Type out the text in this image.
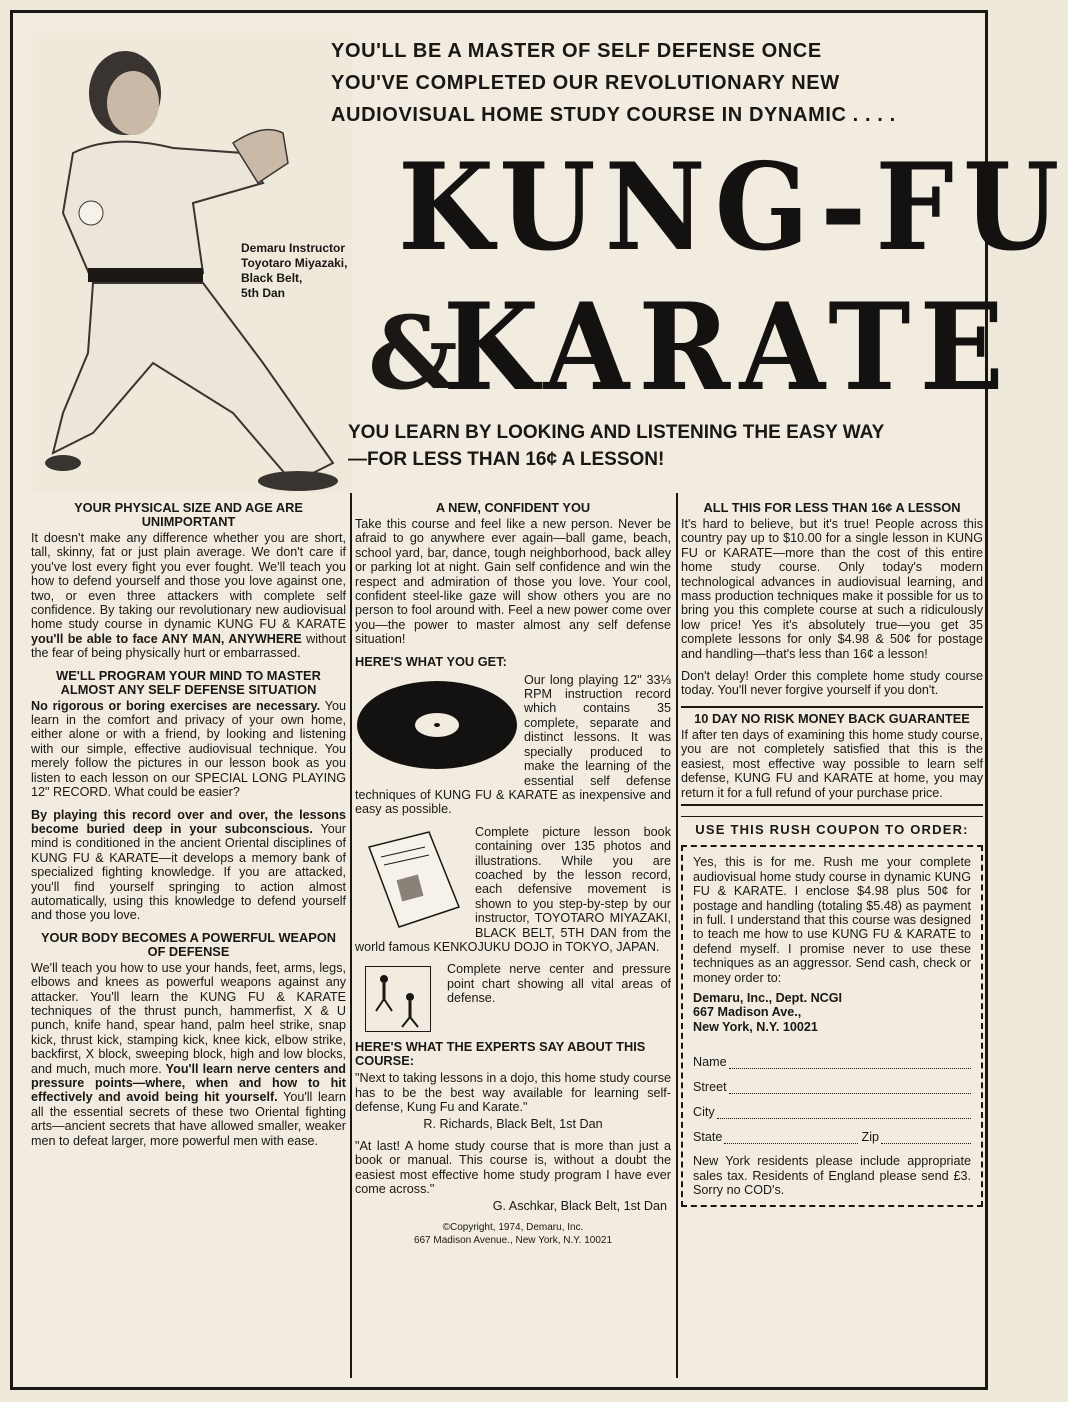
Demaru Instructor
Toyotaro Miyazaki,
Black Belt,
5th Dan
YOU'LL BE A MASTER OF SELF DEFENSE ONCE
YOU'VE COMPLETED OUR REVOLUTIONARY NEW
AUDIOVISUAL HOME STUDY COURSE IN DYNAMIC . . . .
KUNG-FU
&
KARATE
YOU LEARN BY LOOKING AND LISTENING THE EASY WAY
—FOR LESS THAN 16¢ A LESSON!
YOUR PHYSICAL SIZE AND AGE ARE UNIMPORTANT

It doesn't make any difference whether you are short, tall, skinny, fat or just plain average. We don't care if you've lost every fight you ever fought. We'll teach you how to defend yourself and those you love against one, two, or even three attackers with complete self confidence. By taking our revolutionary new audiovisual home study course in dynamic KUNG FU & KARATE you'll be able to face ANY MAN, ANYWHERE without the fear of being physically hurt or embarrassed.

WE'LL PROGRAM YOUR MIND TO MASTER ALMOST ANY SELF DEFENSE SITUATION

No rigorous or boring exercises are necessary. You learn in the comfort and privacy of your own home, either alone or with a friend, by looking and listening with our simple, effective audiovisual technique. You merely follow the pictures in our lesson book as you listen to each lesson on our SPECIAL LONG PLAYING 12" RECORD. What could be easier?

By playing this record over and over, the lessons become buried deep in your subconscious. Your mind is conditioned in the ancient Oriental disciplines of KUNG FU & KARATE—it develops a memory bank of specialized fighting knowledge. If you are attacked, you'll find yourself springing to action almost automatically, using this knowledge to defend yourself and those you love.

YOUR BODY BECOMES A POWERFUL WEAPON OF DEFENSE

We'll teach you how to use your hands, feet, arms, legs, elbows and knees as powerful weapons against any attacker. You'll learn the KUNG FU & KARATE techniques of the thrust punch, hammerfist, X & U punch, knife hand, spear hand, palm heel strike, snap kick, thrust kick, stamping kick, knee kick, elbow strike, backfirst, X block, sweeping block, high and low blocks, and much, much more. You'll learn nerve centers and pressure points—where, when and how to hit effectively and avoid being hit yourself. You'll learn all the essential secrets of these two Oriental fighting arts—ancient secrets that have allowed smaller, weaker men to defeat larger, more powerful men with ease.

A NEW, CONFIDENT YOU

Take this course and feel like a new person. Never be afraid to go anywhere ever again—ball game, beach, school yard, bar, dance, tough neighborhood, back alley or parking lot at night. Gain self confidence and win the respect and admiration of those you love. Your cool, confident steel-like gaze will show others you are no person to fool around with. Feel a new power come over you—the power to master almost any self defense situation!

HERE'S WHAT YOU GET:

Our long playing 12" 33⅓ RPM instruction record which contains 35 complete, separate and distinct lessons. It was specially produced to make the learning of the essential self defense techniques of KUNG FU & KARATE as inexpensive and easy as possible.

Complete picture lesson book containing over 135 photos and illustrations. While you are coached by the lesson record, each defensive movement is shown to you step-by-step by our instructor, TOYOTARO MIYAZAKI, BLACK BELT, 5TH DAN from the world famous KENKOJUKU DOJO in TOKYO, JAPAN.

Complete nerve center and pressure point chart showing all vital areas of defense.

HERE'S WHAT THE EXPERTS SAY ABOUT THIS COURSE:

"Next to taking lessons in a dojo, this home study course has to be the best way available for learning self-defense, Kung Fu and Karate."

R. Richards, Black Belt, 1st Dan

"At last! A home study course that is more than just a book or manual. This course is, without a doubt the easiest most effective home study program I have ever come across."

G. Aschkar, Black Belt, 1st Dan
©Copyright, 1974, Demaru, Inc.
667 Madison Avenue., New York, N.Y. 10021
ALL THIS FOR LESS THAN 16¢ A LESSON

It's hard to believe, but it's true! People across this country pay up to $10.00 for a single lesson in KUNG FU or KARATE—more than the cost of this entire home study course. Only today's modern technological advances in audiovisual learning, and mass production techniques make it possible for us to bring you this complete course at such a ridiculously low price! Yes it's absolutely true—you get 35 complete lessons for only $4.98 & 50¢ for postage and handling—that's less than 16¢ a lesson!

Don't delay! Order this complete home study course today. You'll never forgive yourself if you don't.

10 DAY NO RISK MONEY BACK GUARANTEE

If after ten days of examining this home study course, you are not completely satisfied that this is the easiest, most effective way possible to learn self defense, KUNG FU and KARATE at home, you may return it for a full refund of your purchase price.

USE THIS RUSH COUPON TO ORDER:

Yes, this is for me. Rush me your complete audiovisual home study course in dynamic KUNG FU & KARATE. I enclose $4.98 plus 50¢ for postage and handling (totaling $5.48) as payment in full. I understand that this course was designed to teach me how to use KUNG FU & KARATE to defend myself. I promise never to use these techniques as an aggressor. Send cash, check or money order to:

Demaru, Inc., Dept. NCGI
667 Madison Ave.,
New York, N.Y. 10021
Name
Street
City
State	Zip

New York residents please include appropriate sales tax. Residents of England please send £3. Sorry no COD's.
